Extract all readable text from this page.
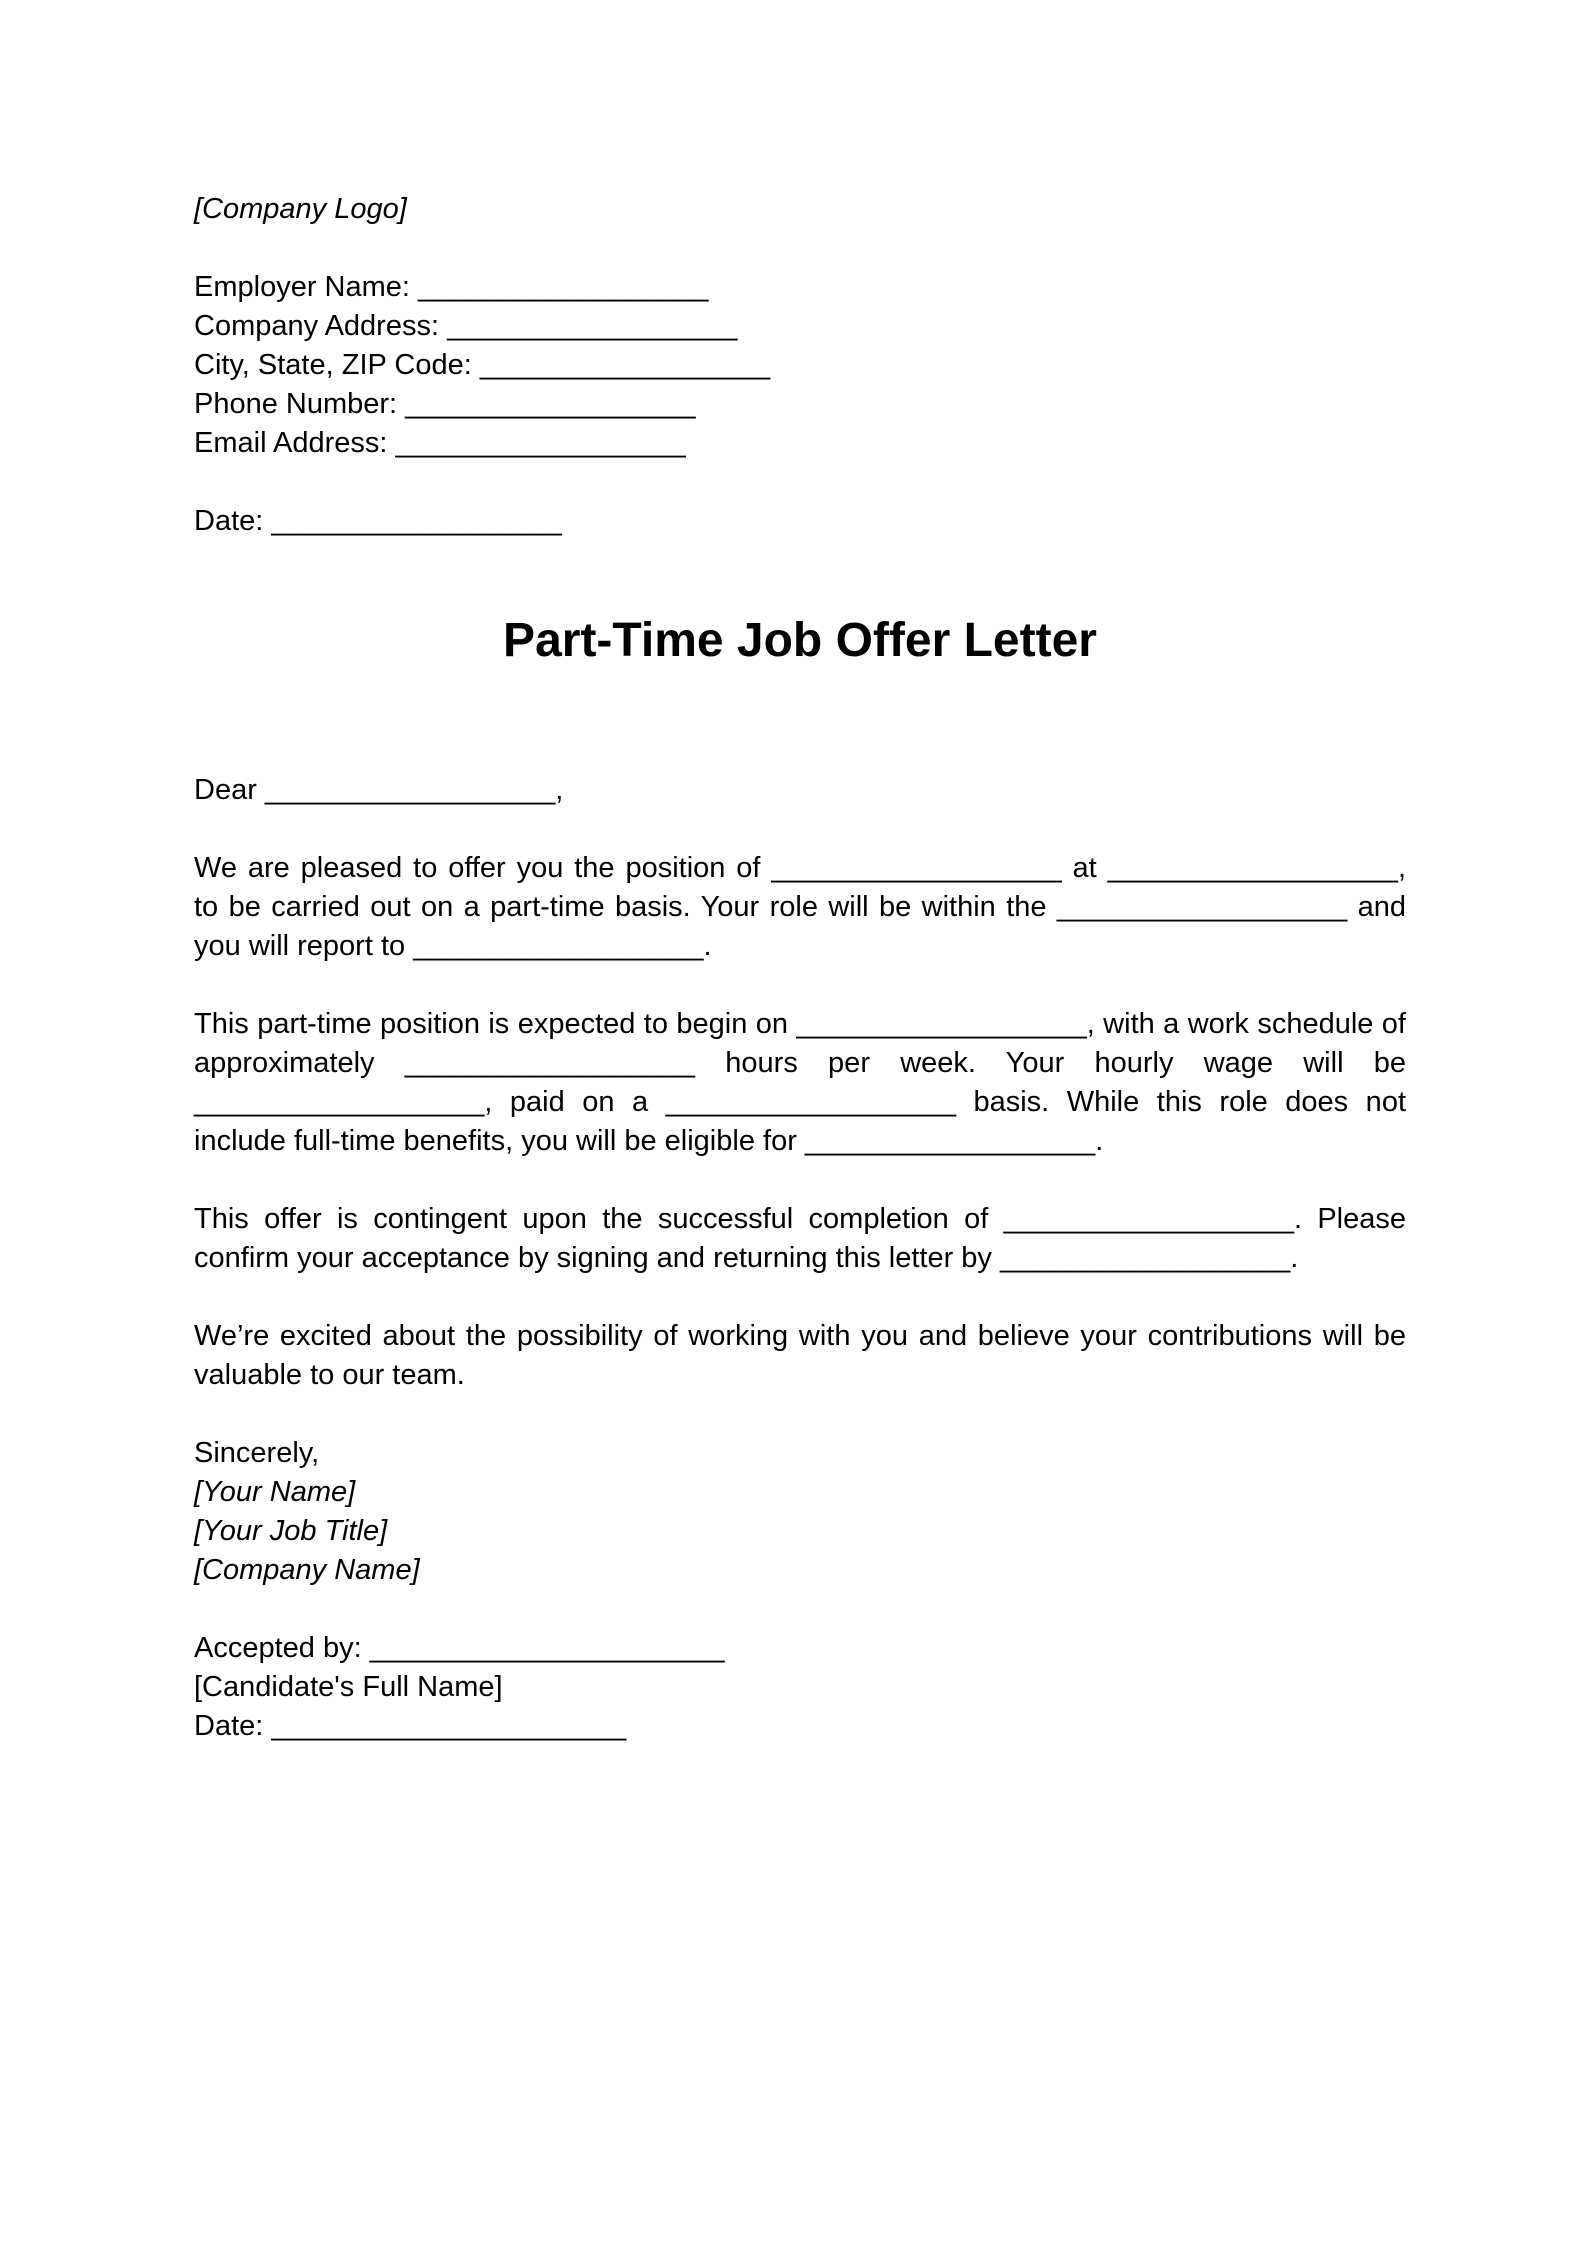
[Company Logo]
Employer Name: __________________
Company Address: __________________
City, State, ZIP Code: __________________
Phone Number: __________________
Email Address: __________________
Date: __________________
Part-Time Job Offer Letter
Dear __________________,

We are pleased to offer you the position of __________________ at __________________, to be carried out on a part-time basis. Your role will be within the __________________ and you will report to __________________.

This part-time position is expected to begin on __________________, with a work schedule of approximately __________________ hours per week. Your hourly wage will be __________________, paid on a __________________ basis. While this role does not include full-time benefits, you will be eligible for __________________.

This offer is contingent upon the successful completion of __________________. Please confirm your acceptance by signing and returning this letter by __________________.

We’re excited about the possibility of working with you and believe your contributions will be valuable to our team.

Sincerely,
[Your Name]
[Your Job Title]
[Company Name]
Accepted by: ______________________
[Candidate's Full Name]
Date: ______________________
